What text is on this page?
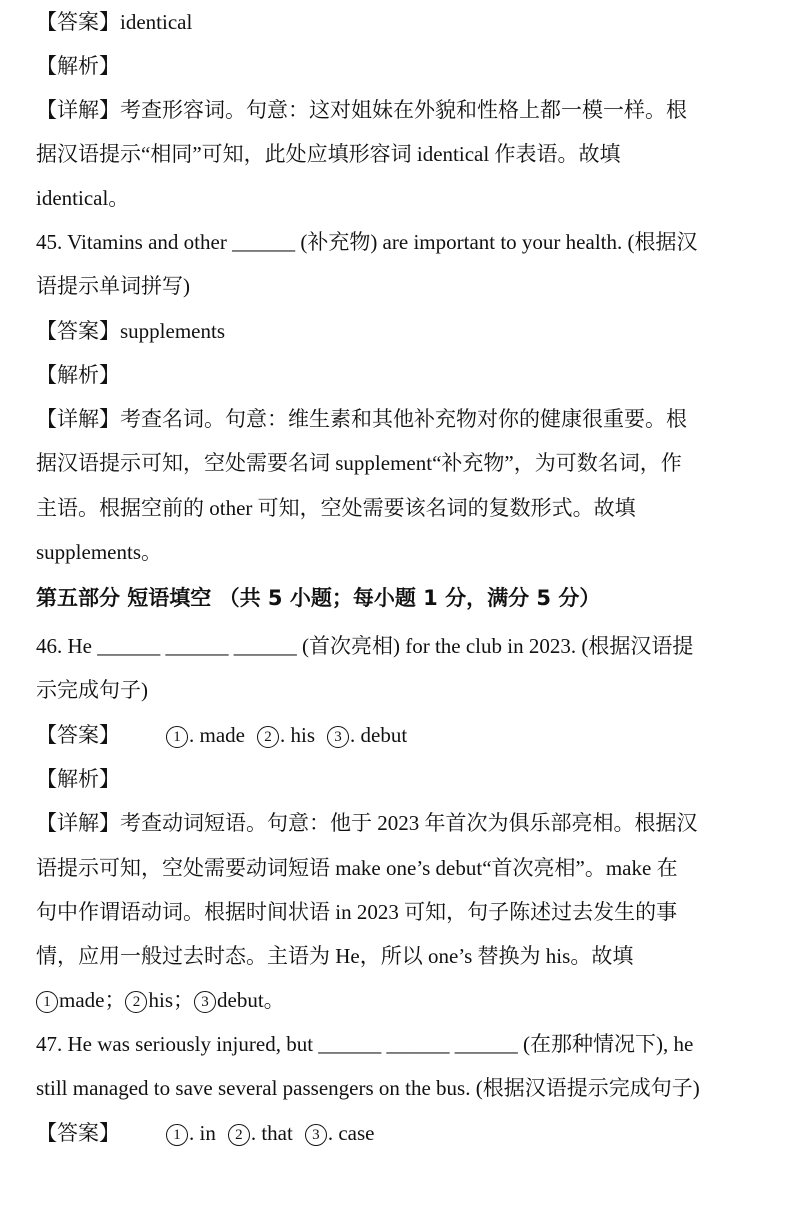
【答案】identical
【解析】
【详解】考查形容词。句意：这对姐妹在外貌和性格上都一模一样。根
据汉语提示“相同”可知，此处应填形容词 identical 作表语。故填
identical。
45. Vitamins and other ______ (补充物) are important to your health. (根据汉
语提示单词拼写)
【答案】supplements
【解析】
【详解】考查名词。句意：维生素和其他补充物对你的健康很重要。根
据汉语提示可知，空处需要名词 supplement“补充物”，为可数名词，作
主语。根据空前的 other 可知，空处需要该名词的复数形式。故填
supplements。
第五部分 短语填空 （共 5 小题；每小题 1 分，满分 5 分）
46. He ______ ______ ______ (首次亮相) for the club in 2023. (根据汉语提
示完成句子)
【答案】	1 . made 2 . his 3 . debut
【解析】
【详解】考查动词短语。句意：他于 2023 年首次为俱乐部亮相。根据汉
语提示可知，空处需要动词短语 make one’s debut“首次亮相”。make 在
句中作谓语动词。根据时间状语 in 2023 可知，句子陈述过去发生的事
情，应用一般过去时态。主语为 He，所以 one’s 替换为 his。故填
1 made； 2 his； 3 debut。
47. He was seriously injured, but ______ ______ ______ (在那种情况下), he
still managed to save several passengers on the bus. (根据汉语提示完成句子)
【答案】	1 . in 2 . that 3 . case
